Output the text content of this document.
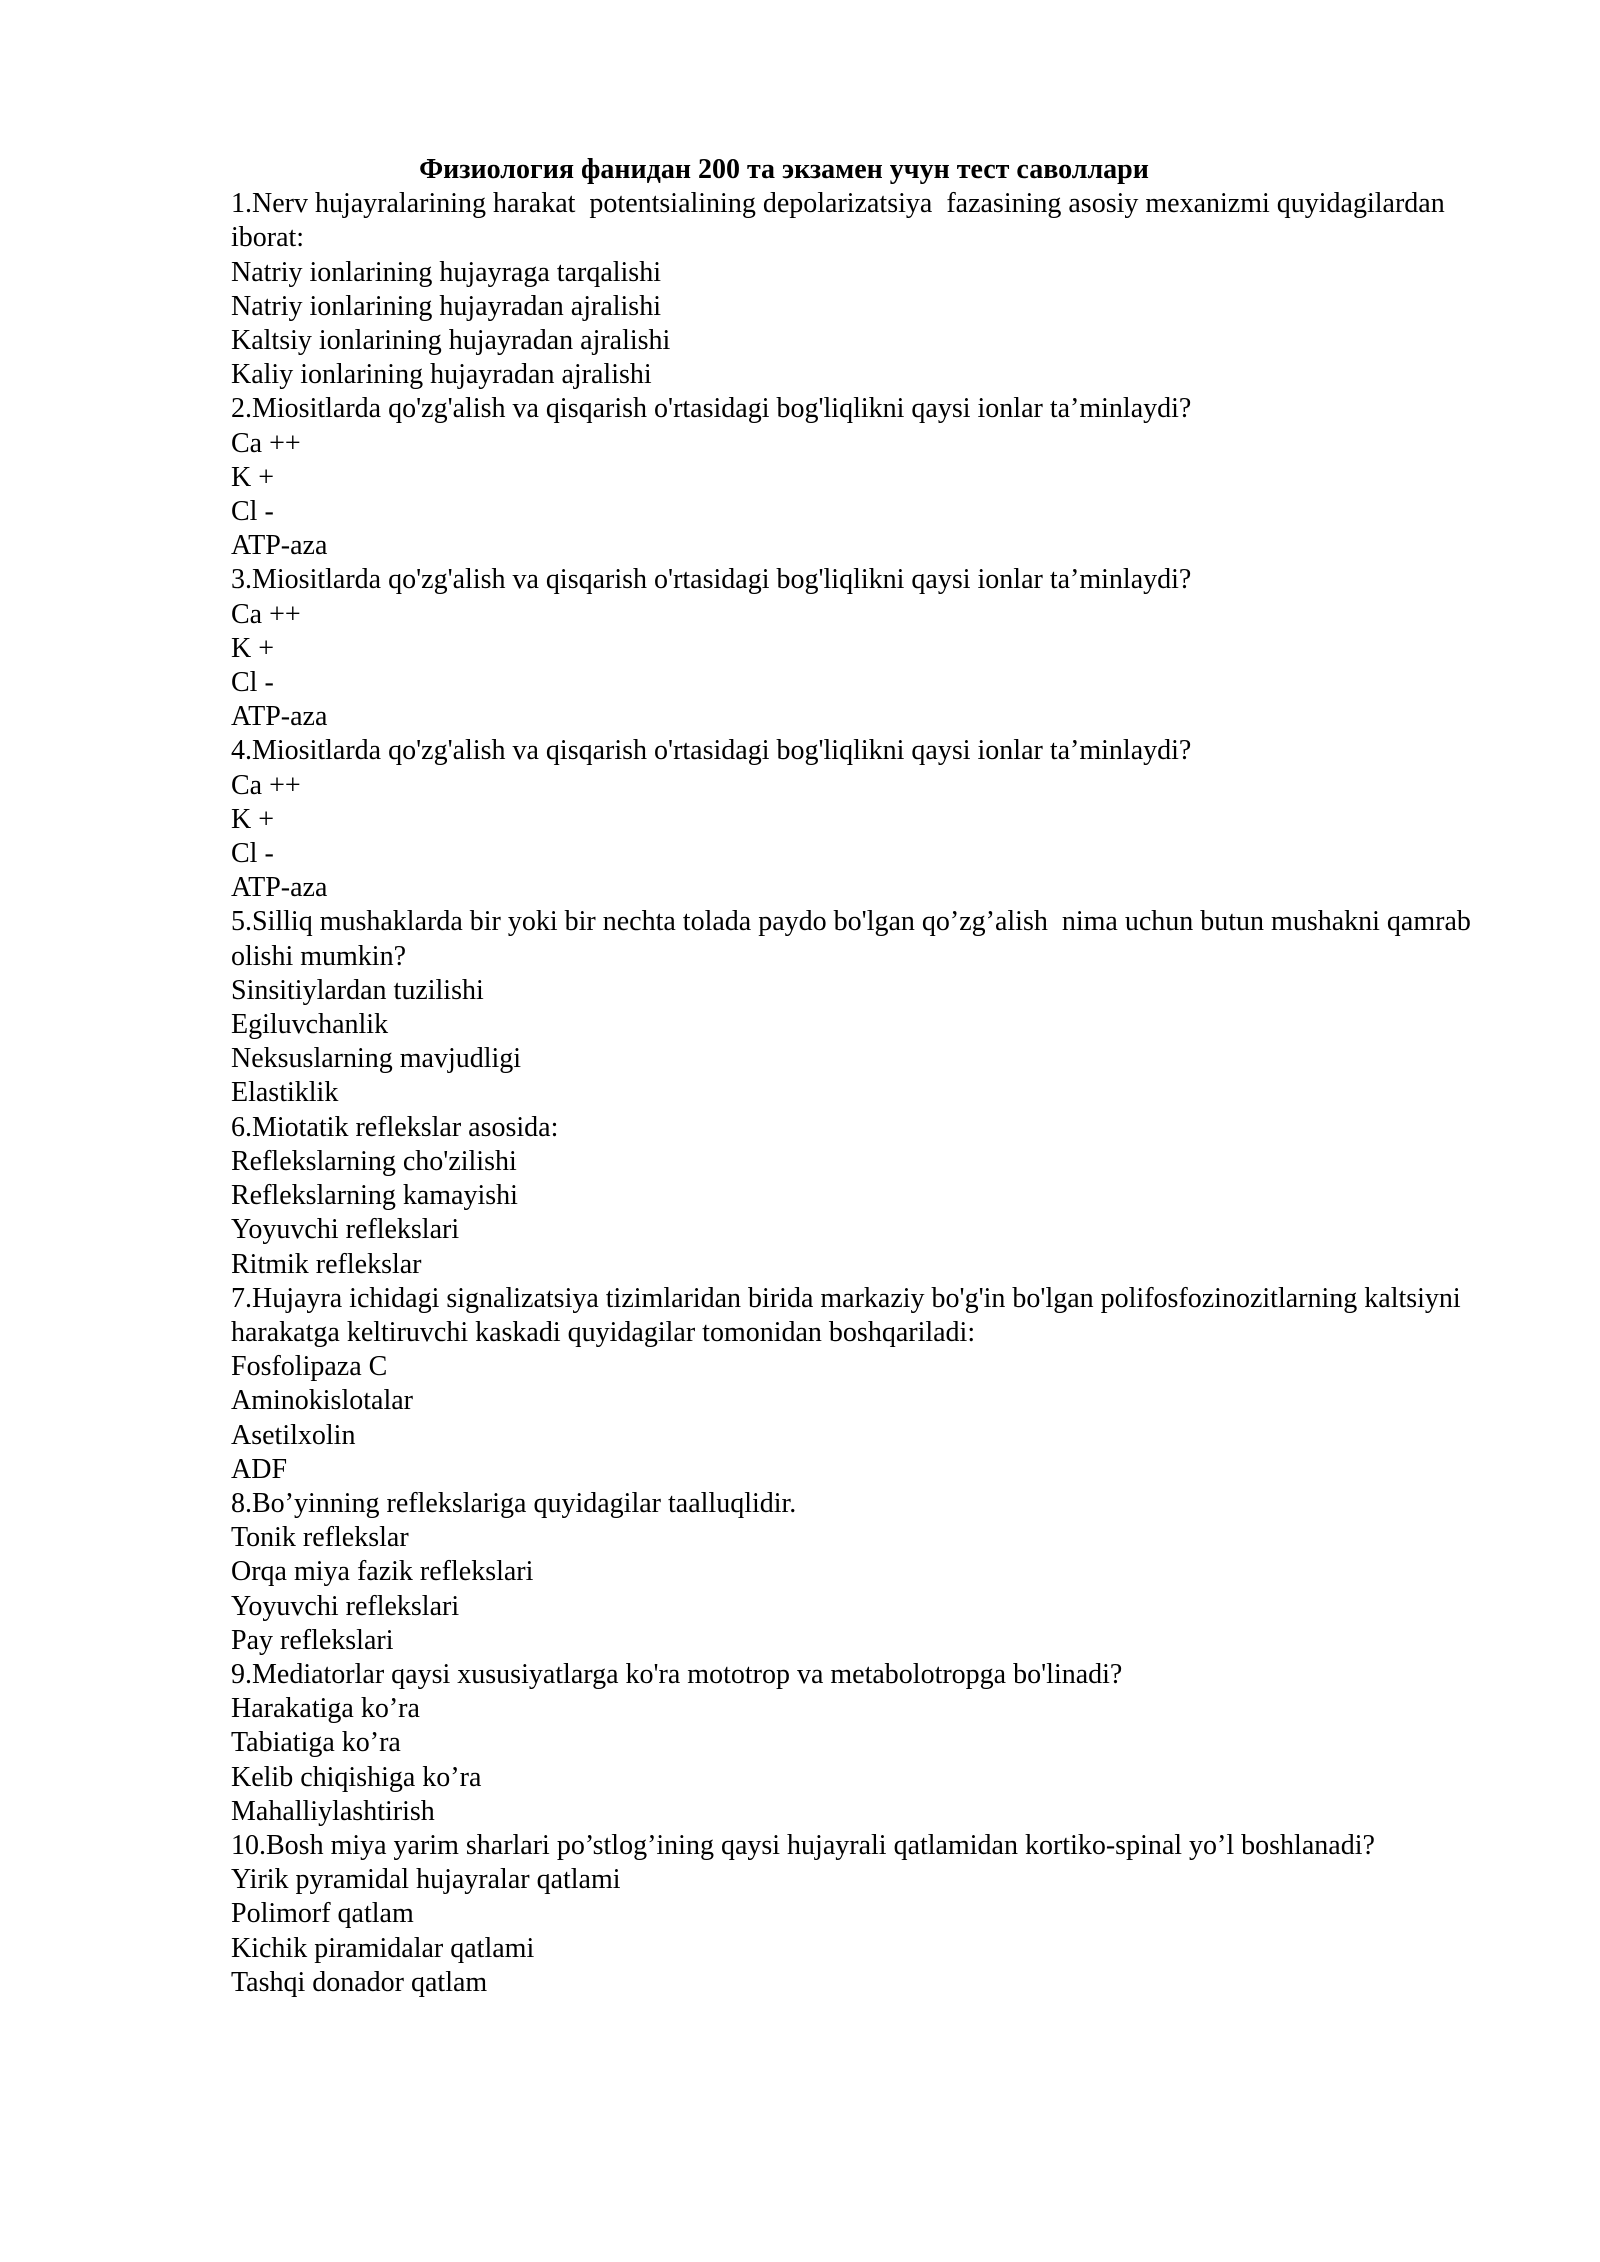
Физиология фанидан 200 та экзамен учун тест саволлари

1.Nerv hujayralarining harakat  potentsialining depolarizatsiya  fazasining asosiy mexanizmi quyidagilardan iborat:

Natriy ionlarining hujayraga tarqalishi

Natriy ionlarining hujayradan ajralishi

Kaltsiy ionlarining hujayradan ajralishi

Kaliy ionlarining hujayradan ajralishi

2.Miositlarda qo'zg'alish va qisqarish o'rtasidagi bog'liqlikni qaysi ionlar ta’minlaydi?

Ca ++

K +

Cl -

ATP-aza

3.Miositlarda qo'zg'alish va qisqarish o'rtasidagi bog'liqlikni qaysi ionlar ta’minlaydi?

Ca ++

K +

Cl -

ATP-aza

4.Miositlarda qo'zg'alish va qisqarish o'rtasidagi bog'liqlikni qaysi ionlar ta’minlaydi?

Ca ++

K +

Cl -

ATP-aza

5.Silliq mushaklarda bir yoki bir nechta tolada paydo bo'lgan qo’zg’alish  nima uchun butun mushakni qamrab olishi mumkin?

Sinsitiylardan tuzilishi

Egiluvchanlik

Neksuslarning mavjudligi

Elastiklik

6.Miotatik reflekslar asosida:

Reflekslarning cho'zilishi

Reflekslarning kamayishi

Yoyuvchi reflekslari

Ritmik reflekslar

7.Hujayra ichidagi signalizatsiya tizimlaridan birida markaziy bo'g'in bo'lgan polifosfozinozitlarning kaltsiyni harakatga keltiruvchi kaskadi quyidagilar tomonidan boshqariladi:

Fosfolipaza C

Aminokislotalar

Asetilxolin

ADF

8.Bo’yinning reflekslariga quyidagilar taalluqlidir.

Tonik reflekslar

Orqa miya fazik reflekslari

Yoyuvchi reflekslari

Pay reflekslari

9.Mediatorlar qaysi xususiyatlarga ko'ra mototrop va metabolotropga bo'linadi?

Harakatiga ko’ra

Tabiatiga ko’ra

Kelib chiqishiga ko’ra

Mahalliylashtirish

10.Bosh miya yarim sharlari po’stlog’ining qaysi hujayrali qatlamidan kortiko-spinal yo’l boshlanadi?

Yirik pyramidal hujayralar qatlami

Polimorf qatlam

Kichik piramidalar qatlami

Tashqi donador qatlam
